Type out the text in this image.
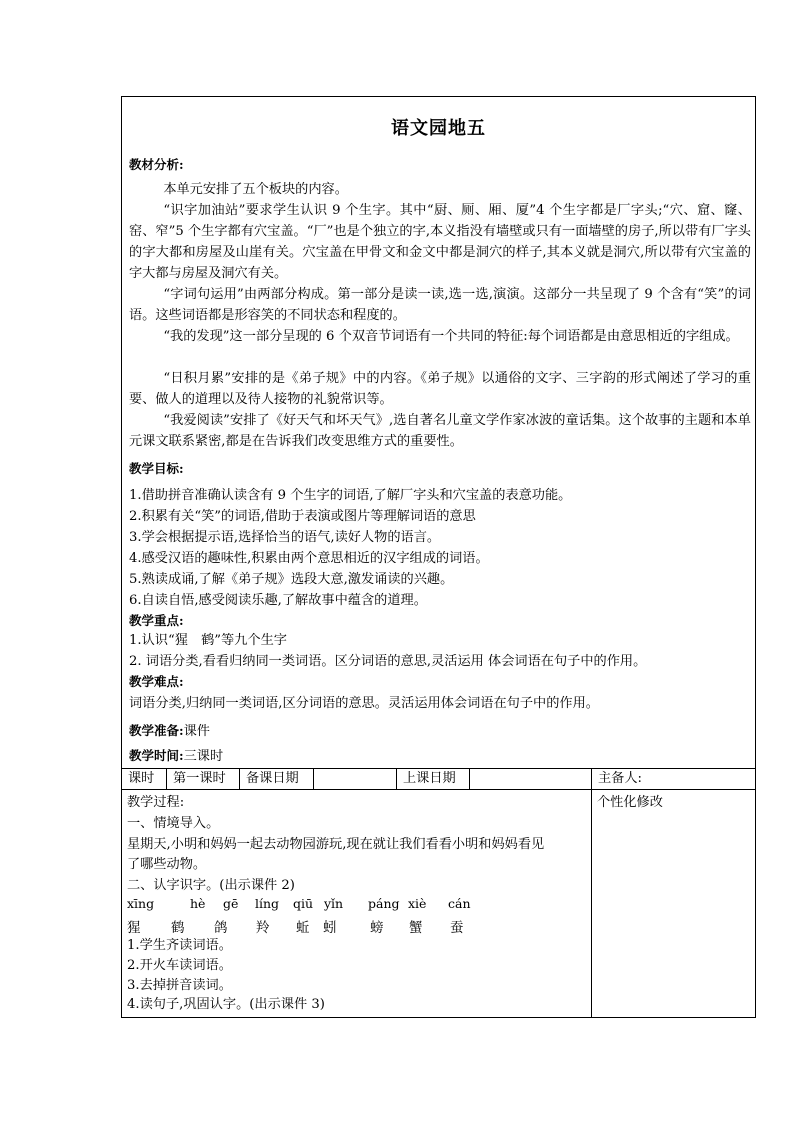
语文园地五
教材分析:
本单元安排了五个板块的内容。
“识字加油站”要求学生认识 9 个生字。其中“厨、厕、厢、厦”4 个生字都是厂字头;“穴、窟、窿、窑、窄”5 个生字都有穴宝盖。“厂”也是个独立的字,本义指没有墙壁或只有一面墙壁的房子,所以带有厂字头的字大都和房屋及山崖有关。穴宝盖在甲骨文和金文中都是洞穴的样子,其本义就是洞穴,所以带有穴宝盖的字大都与房屋及洞穴有关。
“字词句运用”由两部分构成。第一部分是读一读,选一选,演演。这部分一共呈现了 9 个含有“笑”的词语。这些词语都是形容笑的不同状态和程度的。
“我的发现”这一部分呈现的 6 个双音节词语有一个共同的特征:每个词语都是由意思相近的字组成。
“日积月累”安排的是《弟子规》中的内容。《弟子规》以通俗的文字、三字韵的形式阐述了学习的重要、做人的道理以及待人接物的礼貌常识等。
“我爱阅读”安排了《好天气和坏天气》,选自著名儿童文学作家冰波的童话集。这个故事的主题和本单元课文联系紧密,都是在告诉我们改变思维方式的重要性。
教学目标:
1.借助拼音准确认读含有 9 个生字的词语,了解厂字头和穴宝盖的表意功能。
2.积累有关“笑”的词语,借助于表演或图片等理解词语的意思
3.学会根据提示语,选择恰当的语气,读好人物的语言。
4.感受汉语的趣味性,积累由两个意思相近的汉字组成的词语。
5.熟读成诵,了解《弟子规》选段大意,激发诵读的兴趣。
6.自读自悟,感受阅读乐趣,了解故事中蕴含的道理。
教学重点:
1.认识“猩　鹤”等九个生字
2. 词语分类,看看归纳同一类词语。区分词语的意思,灵活运用 体会词语在句子中的作用。
教学难点:
词语分类,归纳同一类词语,区分词语的意思。灵活运用体会词语在句子中的作用。
教学准备:课件
教学时间:三课时
课时	第一课时	备课日期	上课日期	主备人:
教学过程:
一、情境导入。
星期天,小明和妈妈一起去动物园游玩,现在就让我们看看小明和妈妈看见
了哪些动物。
二、认字识字。(出示课件 2)
xīng	hè gē líng qiū yǐn páng xiè cán
猩 鹤 鸽 羚 蚯 蚓 螃 蟹 蚕
1.学生齐读词语。
2.开火车读词语。
3.去掉拼音读词。
4.读句子,巩固认字。(出示课件 3)
个性化修改
